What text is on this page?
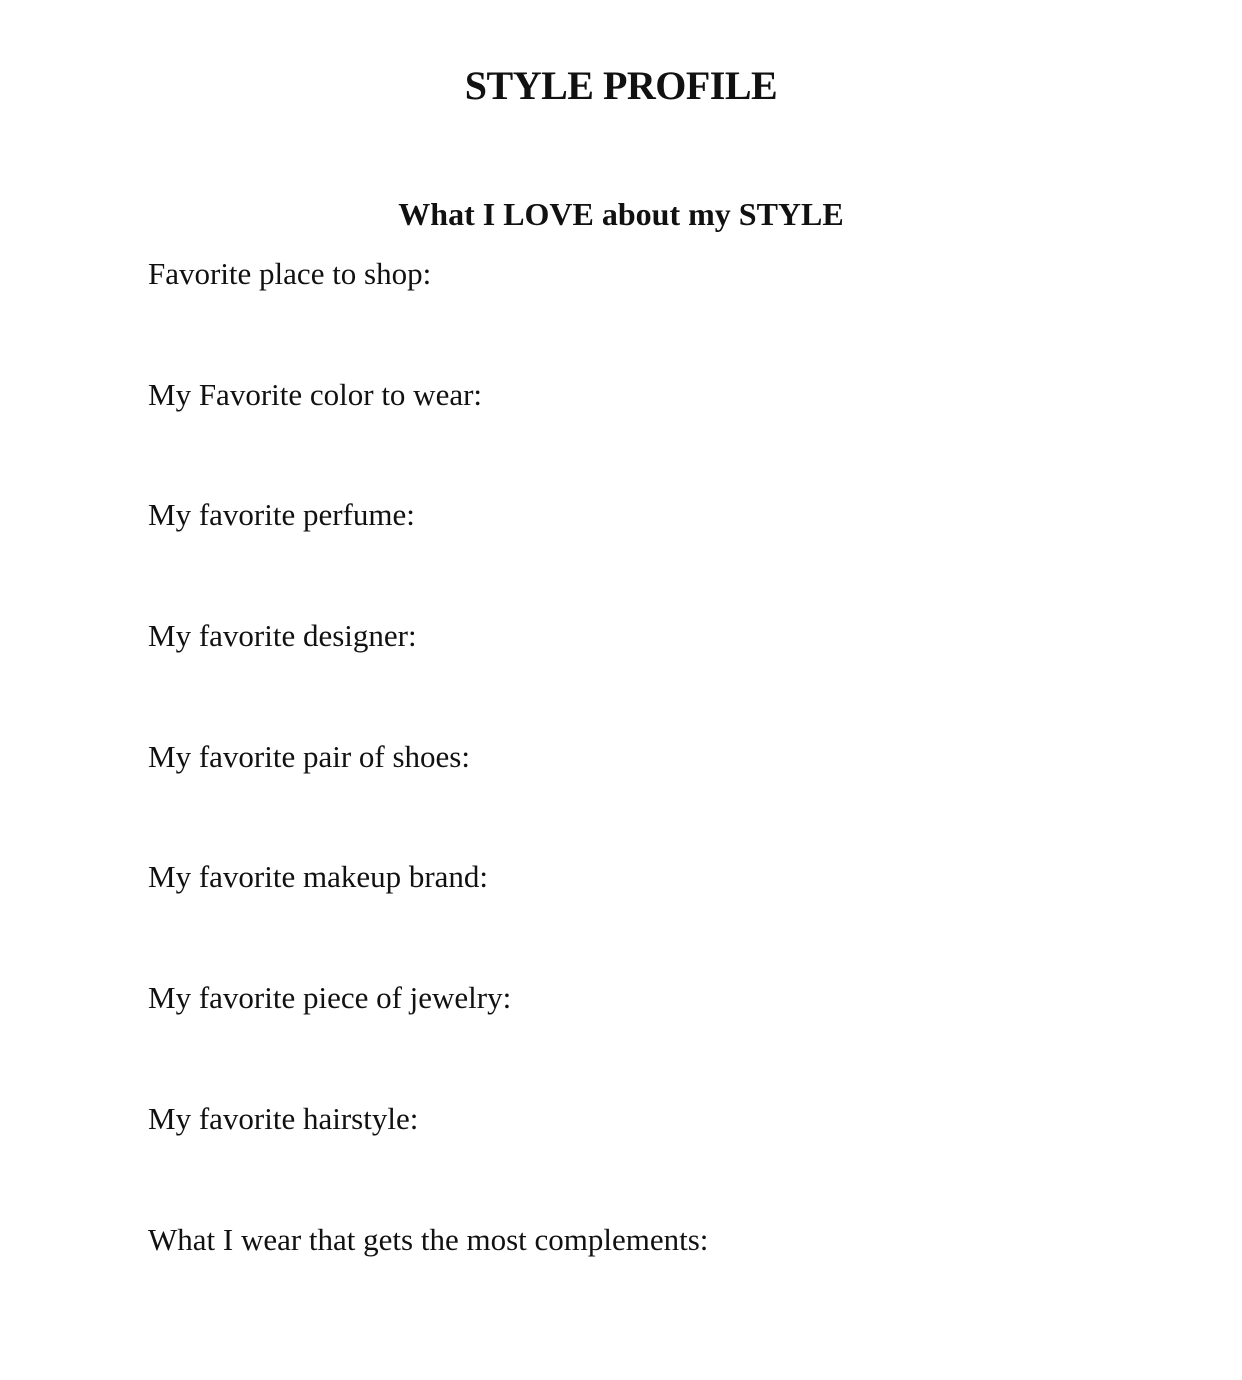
STYLE PROFILE
What I LOVE about my STYLE
Favorite place to shop:
My Favorite color to wear:
My favorite perfume:
My favorite designer:
My favorite pair of shoes:
My favorite makeup brand:
My favorite piece of jewelry:
My favorite hairstyle:
What I wear that gets the most complements:
